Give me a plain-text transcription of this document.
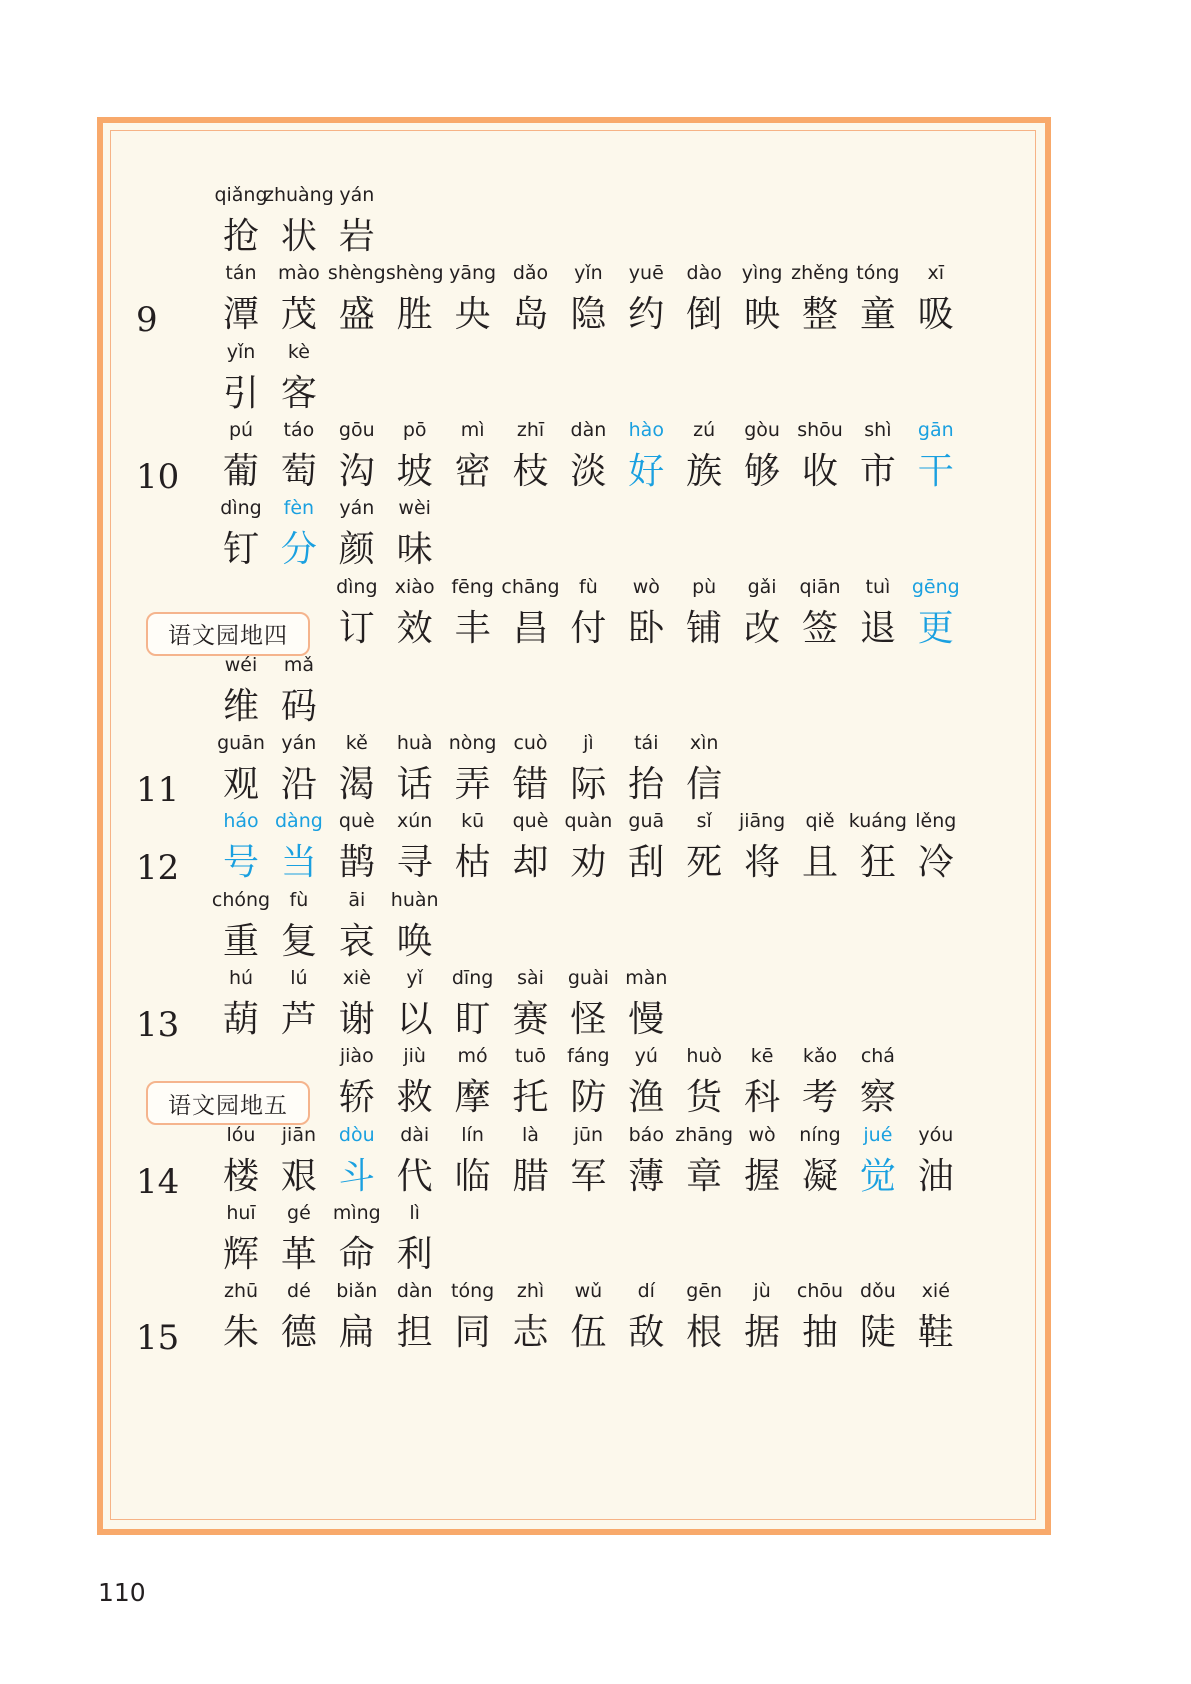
qiǎng
抢
zhuàng
状
yán
岩
9
tán
潭
mào
茂
shèng
盛
shèng
胜
yāng
央
dǎo
岛
yǐn
隐
yuē
约
dào
倒
yìng
映
zhěng
整
tóng
童
xī
吸
yǐn
引
kè
客
10
pú
葡
táo
萄
gōu
沟
pō
坡
mì
密
zhī
枝
dàn
淡
hào
好
zú
族
gòu
够
shōu
收
shì
市
gān
干
dìng
钉
fèn
分
yán
颜
wèi
味
语文园地四
dìng
订
xiào
效
fēng
丰
chāng
昌
fù
付
wò
卧
pù
铺
gǎi
改
qiān
签
tuì
退
gēng
更
wéi
维
mǎ
码
11
guān
观
yán
沿
kě
渴
huà
话
nòng
弄
cuò
错
jì
际
tái
抬
xìn
信
12
háo
号
dàng
当
què
鹊
xún
寻
kū
枯
què
却
quàn
劝
guā
刮
sǐ
死
jiāng
将
qiě
且
kuáng
狂
lěng
冷
chóng
重
fù
复
āi
哀
huàn
唤
13
hú
葫
lú
芦
xiè
谢
yǐ
以
dīng
盯
sài
赛
guài
怪
màn
慢
语文园地五
jiào
轿
jiù
救
mó
摩
tuō
托
fáng
防
yú
渔
huò
货
kē
科
kǎo
考
chá
察
14
lóu
楼
jiān
艰
dòu
斗
dài
代
lín
临
là
腊
jūn
军
báo
薄
zhāng
章
wò
握
níng
凝
jué
觉
yóu
油
huī
辉
gé
革
mìng
命
lì
利
15
zhū
朱
dé
德
biǎn
扁
dàn
担
tóng
同
zhì
志
wǔ
伍
dí
敌
gēn
根
jù
据
chōu
抽
dǒu
陡
xié
鞋
110
